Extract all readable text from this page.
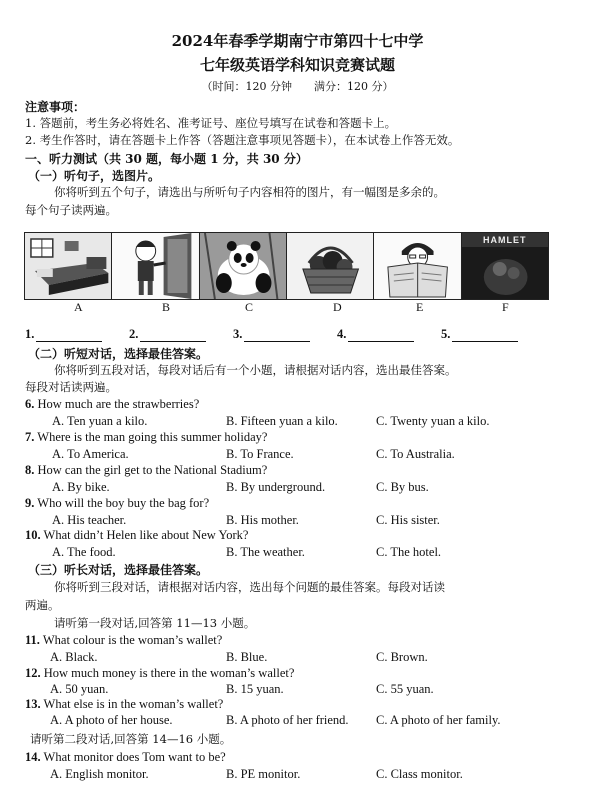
2024年春季学期南宁市第四十七中学
七年级英语学科知识竞赛试题
（时间：120 分钟　　满分：120 分）
注意事项：
1. 答题前，考生务必将姓名、准考证号、座位号填写在试卷和答题卡上。
2. 考生作答时，请在答题卡上作答（答题注意事项见答题卡），在本试卷上作答无效。
一、听力测试（共 30 题，每小题 1 分，共 30 分）
（一）听句子，选图片。
你将听到五个句子，请选出与所听句子内容相符的图片，有一幅图是多余的。
每个句子读两遍。
HAMLET
A	B	C	D	E	F
1.	2.	3.	4.	5.
（二）听短对话，选择最佳答案。
你将听到五段对话，每段对话后有一个小题，请根据对话内容，选出最佳答案。
每段对话读两遍。
6. How much are the strawberries?
A. Ten yuan a kilo.	B. Fifteen yuan a kilo.	C. Twenty yuan a kilo.
7. Where is the man going this summer holiday?
A. To America.	B. To France.	C. To Australia.
8. How can the girl get to the National Stadium?
A. By bike.	B. By underground.	C. By bus.
9. Who will the boy buy the bag for?
A. His teacher.	B. His mother.	C. His sister.
10. What didn’t Helen like about New York?
A. The food.	B. The weather.	C. The hotel.
（三）听长对话，选择最佳答案。
你将听到三段对话，请根据对话内容，选出每个问题的最佳答案。每段对话读
两遍。
请听第一段对话,回答第 11—13 小题。
11. What colour is the woman’s wallet?
A. Black.	B. Blue.	C. Brown.
12. How much money is there in the woman’s wallet?
A. 50 yuan.	B. 15 yuan.	C. 55 yuan.
13. What else is in the woman’s wallet?
A. A photo of her house.	B. A photo of her friend. C. A photo of her family.
请听第二段对话,回答第 14—16 小题。
14. What monitor does Tom want to be?
A. English monitor.	B. PE monitor.	C. Class monitor.
